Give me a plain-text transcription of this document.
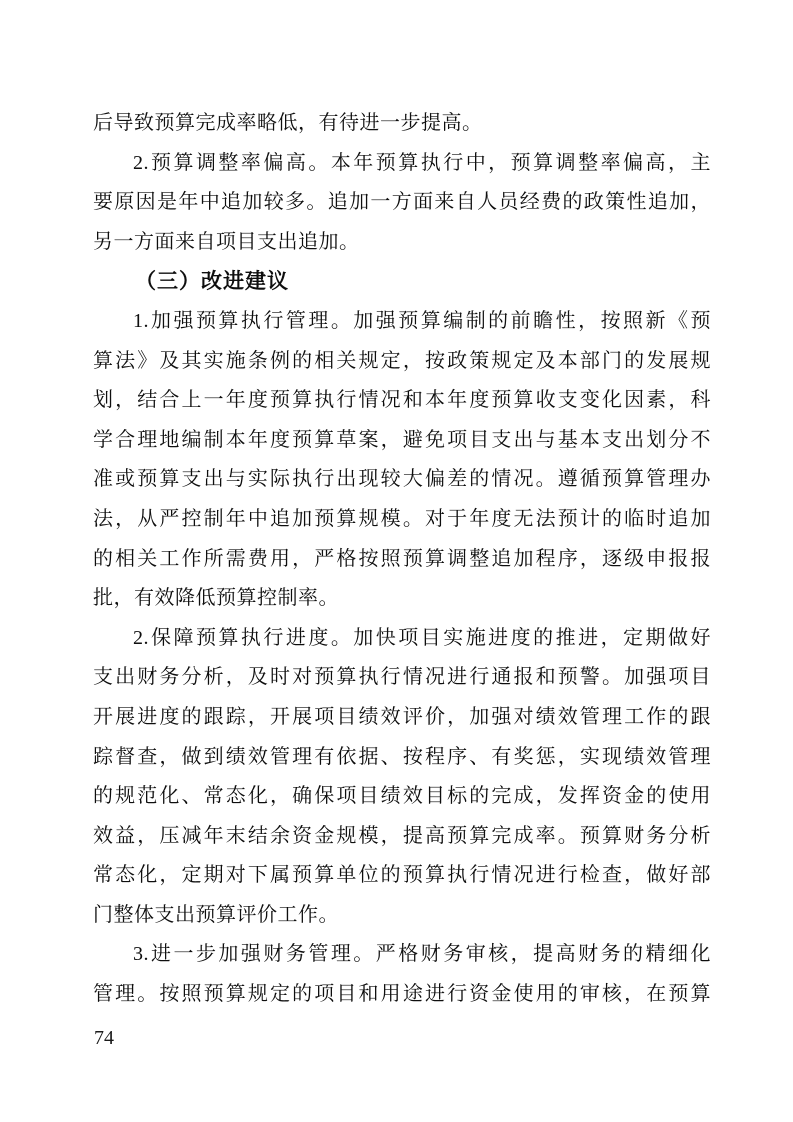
后导致预算完成率略低，有待进一步提高。
2.预算调整率偏高。本年预算执行中，预算调整率偏高，主
要原因是年中追加较多。追加一方面来自人员经费的政策性追加，
另一方面来自项目支出追加。
（三）改进建议
1.加强预算执行管理。加强预算编制的前瞻性，按照新《预
算法》及其实施条例的相关规定，按政策规定及本部门的发展规
划，结合上一年度预算执行情况和本年度预算收支变化因素，科
学合理地编制本年度预算草案，避免项目支出与基本支出划分不
准或预算支出与实际执行出现较大偏差的情况。遵循预算管理办
法，从严控制年中追加预算规模。对于年度无法预计的临时追加
的相关工作所需费用，严格按照预算调整追加程序，逐级申报报
批，有效降低预算控制率。
2.保障预算执行进度。加快项目实施进度的推进，定期做好
支出财务分析，及时对预算执行情况进行通报和预警。加强项目
开展进度的跟踪，开展项目绩效评价，加强对绩效管理工作的跟
踪督查，做到绩效管理有依据、按程序、有奖惩，实现绩效管理
的规范化、常态化，确保项目绩效目标的完成，发挥资金的使用
效益，压减年末结余资金规模，提高预算完成率。预算财务分析
常态化，定期对下属预算单位的预算执行情况进行检查，做好部
门整体支出预算评价工作。
3.进一步加强财务管理。严格财务审核，提高财务的精细化
管理。按照预算规定的项目和用途进行资金使用的审核，在预算
74
